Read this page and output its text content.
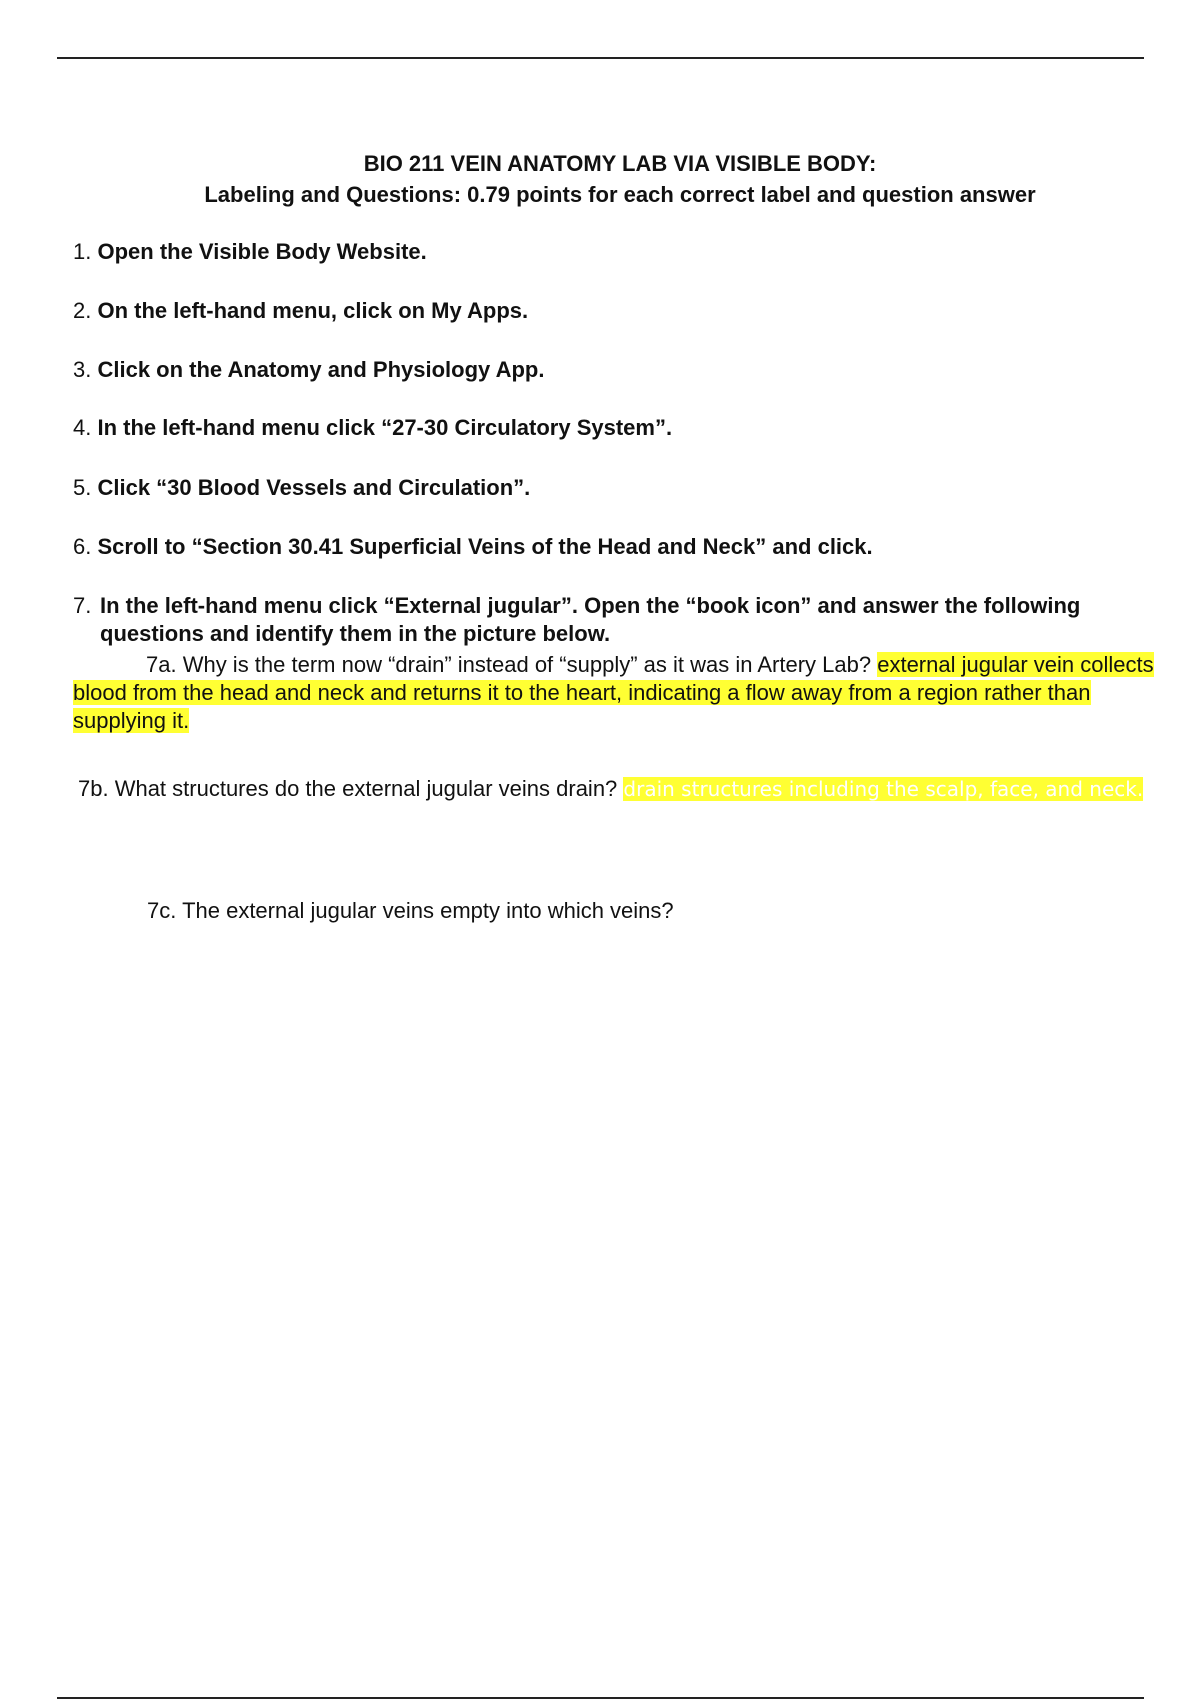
BIO 211 VEIN ANATOMY LAB VIA VISIBLE BODY:
Labeling and Questions: 0.79 points for each correct label and question answer
1. Open the Visible Body Website.
2. On the left-hand menu, click on My Apps.
3. Click on the Anatomy and Physiology App.
4. In the left-hand menu click “27-30 Circulatory System”.
5. Click “30 Blood Vessels and Circulation”.
6. Scroll to “Section 30.41 Superficial Veins of the Head and Neck” and click.
7. In the left-hand menu click “External jugular”. Open the “book icon” and answer the following questions and identify them in the picture below.
7a. Why is the term now “drain” instead of “supply” as it was in Artery Lab? external jugular vein collects blood from the head and neck and returns it to the heart, indicating a flow away from a region rather than supplying it.
7b. What structures do the external jugular veins drain? drain structures including the scalp, face, and neck.
7c. The external jugular veins empty into which veins?
